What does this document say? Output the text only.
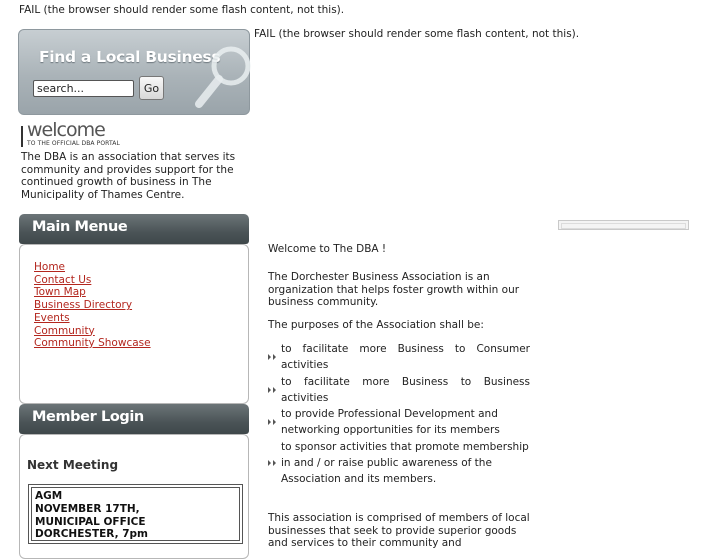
FAIL (the browser should render some flash content, not this).
FAIL (the browser should render some flash content, not this).
Find a Local Business
search...
Go
welcome
TO THE OFFICIAL DBA PORTAL
The DBA is an association that serves its community and provides support for the continued growth of business in The Municipality of Thames Centre.
Main Menue
Home
Contact Us
Town Map
Business Directory
Events
Community
Community Showcase
Member Login
Next Meeting
AGM
NOVEMBER 17TH,
MUNICIPAL OFFICE
DORCHESTER, 7pm
Welcome to The DBA !
The Dorchester Business Association is an organization that helps foster growth within our business community.
The purposes of the Association shall be:
to facilitate more Business to Consumer activities
to facilitate more Business to Business activities
to provide Professional Development and networking opportunities for its members
to sponsor activities that promote membership in and / or raise public awareness of the Association and its members.
This association is comprised of members of local businesses that seek to provide superior goods and services to their community and
